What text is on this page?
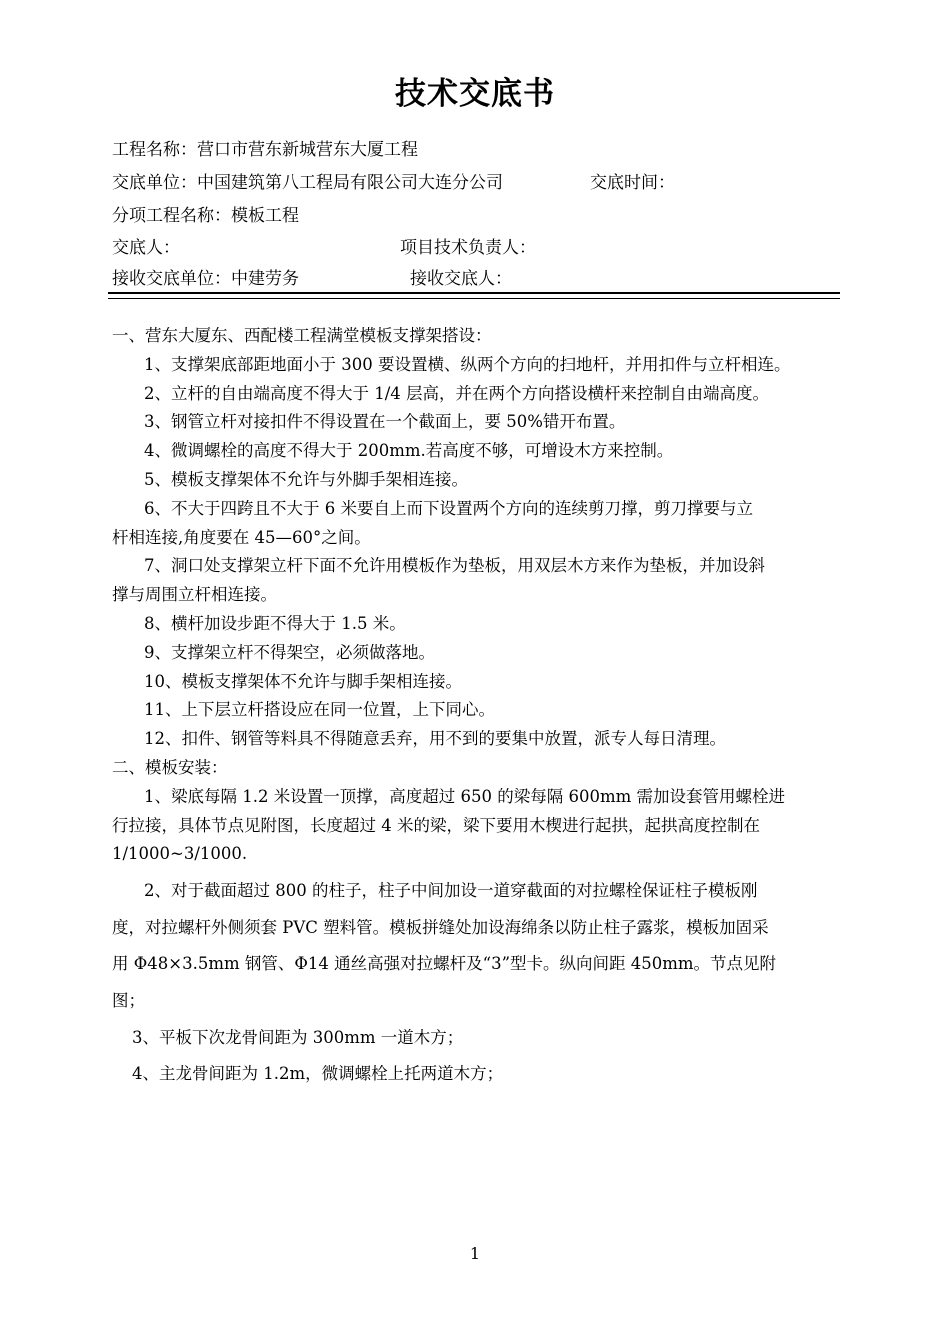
技术交底书
工程名称：营口市营东新城营东大厦工程
交底单位：中国建筑第八工程局有限公司大连分公司	交底时间：
分项工程名称：模板工程
交底人：	项目技术负责人：
接收交底单位：中建劳务	接收交底人：
一、营东大厦东、西配楼工程满堂模板支撑架搭设：
1、支撑架底部距地面小于 300 要设置横、纵两个方向的扫地杆，并用扣件与立杆相连。
2、立杆的自由端高度不得大于 1/4 层高，并在两个方向搭设横杆来控制自由端高度。
3、钢管立杆对接扣件不得设置在一个截面上，要 50%错开布置。
4、微调螺栓的高度不得大于 200mm.若高度不够，可增设木方来控制。
5、模板支撑架体不允许与外脚手架相连接。
6、不大于四跨且不大于 6 米要自上而下设置两个方向的连续剪刀撑，剪刀撑要与立
杆相连接,角度要在 45—60°之间。
7、洞口处支撑架立杆下面不允许用模板作为垫板，用双层木方来作为垫板，并加设斜
撑与周围立杆相连接。
8、横杆加设步距不得大于 1.5 米。
9、支撑架立杆不得架空，必须做落地。
10、模板支撑架体不允许与脚手架相连接。
11、上下层立杆搭设应在同一位置，上下同心。
12、扣件、钢管等料具不得随意丢弃，用不到的要集中放置，派专人每日清理。
二、模板安装：
1、梁底每隔 1.2 米设置一顶撑，高度超过 650 的梁每隔 600mm 需加设套管用螺栓进
行拉接，具体节点见附图，长度超过 4 米的梁，梁下要用木楔进行起拱，起拱高度控制在
1/1000~3/1000.
2、对于截面超过 800 的柱子，柱子中间加设一道穿截面的对拉螺栓保证柱子模板刚
度，对拉螺杆外侧须套 PVC 塑料管。模板拼缝处加设海绵条以防止柱子露浆，模板加固采
用 Φ48×3.5mm 钢管、Φ14 通丝高强对拉螺杆及“3”型卡。纵向间距 450mm。节点见附
图；
3、平板下次龙骨间距为 300mm 一道木方；
4、主龙骨间距为 1.2m，微调螺栓上托两道木方；
1
